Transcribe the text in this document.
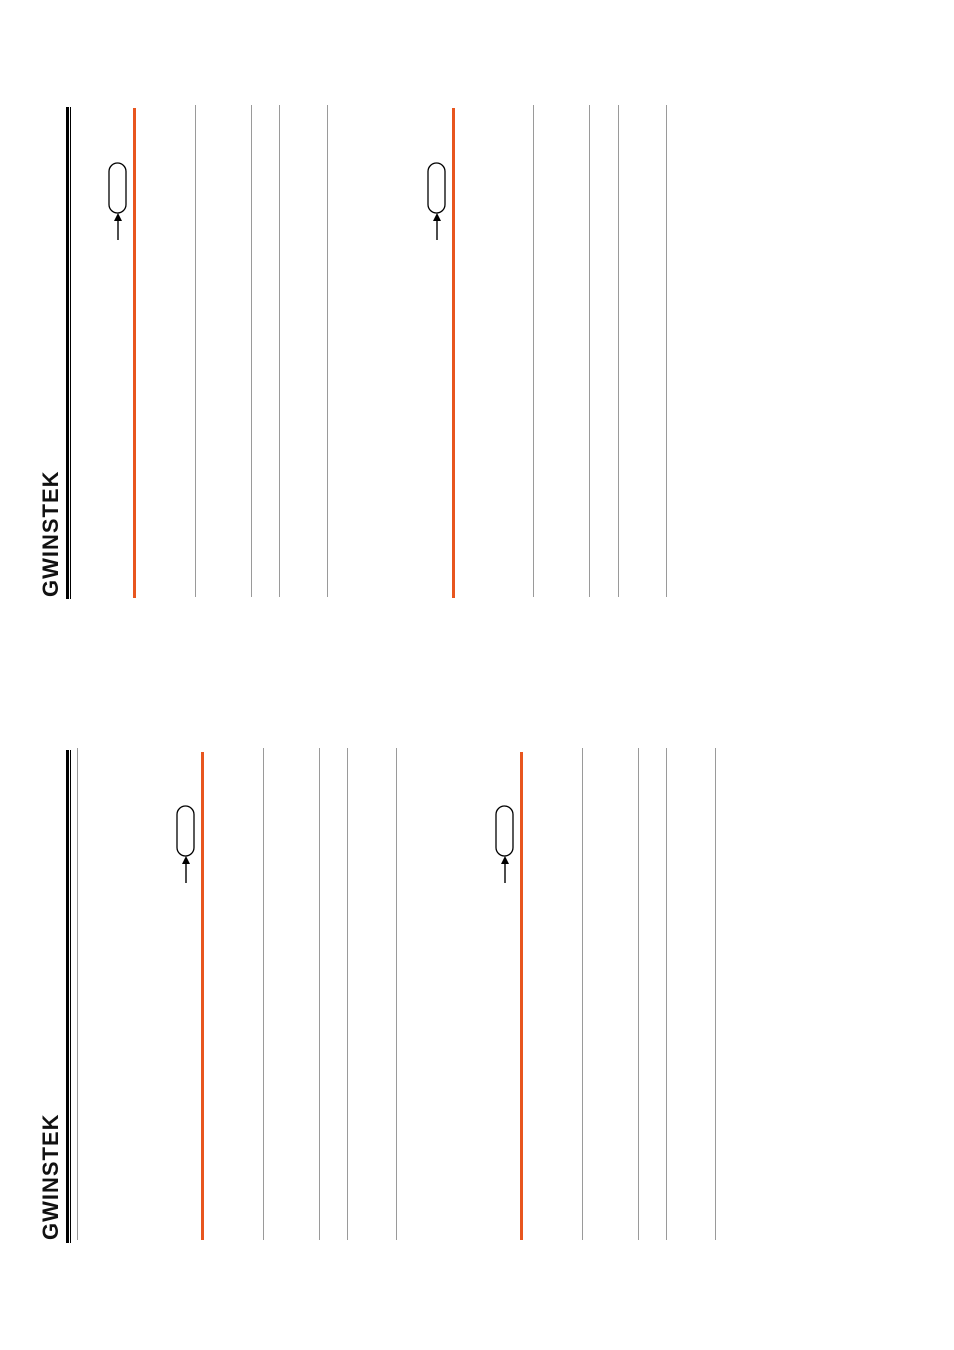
GWINSTEK
GWINSTEK
